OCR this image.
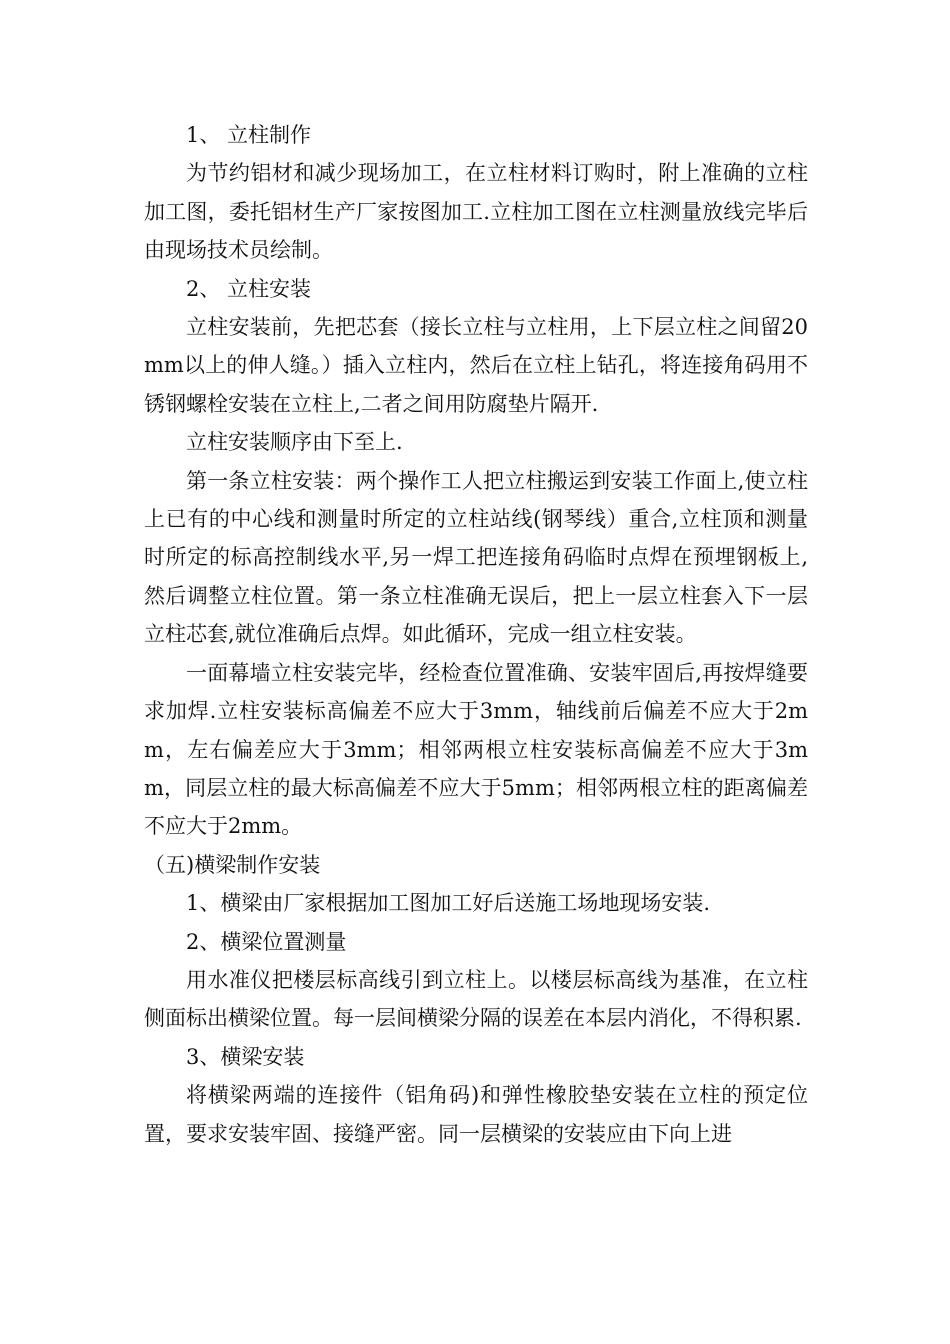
1、 立柱制作

为节约铝材和减少现场加工，在立柱材料订购时，附上准确的立柱加工图，委托铝材生产厂家按图加工.立柱加工图在立柱测量放线完毕后由现场技术员绘制。

2、 立柱安装

立柱安装前，先把芯套（接长立柱与立柱用，上下层立柱之间留20mm以上的伸人缝。）插入立柱内，然后在立柱上钻孔，将连接角码用不锈钢螺栓安装在立柱上,二者之间用防腐垫片隔开.

立柱安装顺序由下至上.

第一条立柱安装：两个操作工人把立柱搬运到安装工作面上,使立柱上已有的中心线和测量时所定的立柱站线(钢琴线）重合,立柱顶和测量时所定的标高控制线水平,另一焊工把连接角码临时点焊在预埋钢板上,然后调整立柱位置。第一条立柱准确无误后，把上一层立柱套入下一层立柱芯套,就位准确后点焊。如此循环，完成一组立柱安装。

一面幕墙立柱安装完毕，经检查位置准确、安装牢固后,再按焊缝要求加焊.立柱安装标高偏差不应大于3mm，轴线前后偏差不应大于2mm，左右偏差应大于3mm；相邻两根立柱安装标高偏差不应大于3mm，同层立柱的最大标高偏差不应大于5mm；相邻两根立柱的距离偏差不应大于2mm。

（五)横梁制作安装

1、横梁由厂家根据加工图加工好后送施工场地现场安装.

2、横梁位置测量

用水准仪把楼层标高线引到立柱上。以楼层标高线为基准，在立柱侧面标出横梁位置。每一层间横梁分隔的误差在本层内消化，不得积累.

3、横梁安装

将横梁两端的连接件（铝角码)和弹性橡胶垫安装在立柱的预定位置，要求安装牢固、接缝严密。同一层横梁的安装应由下向上进
